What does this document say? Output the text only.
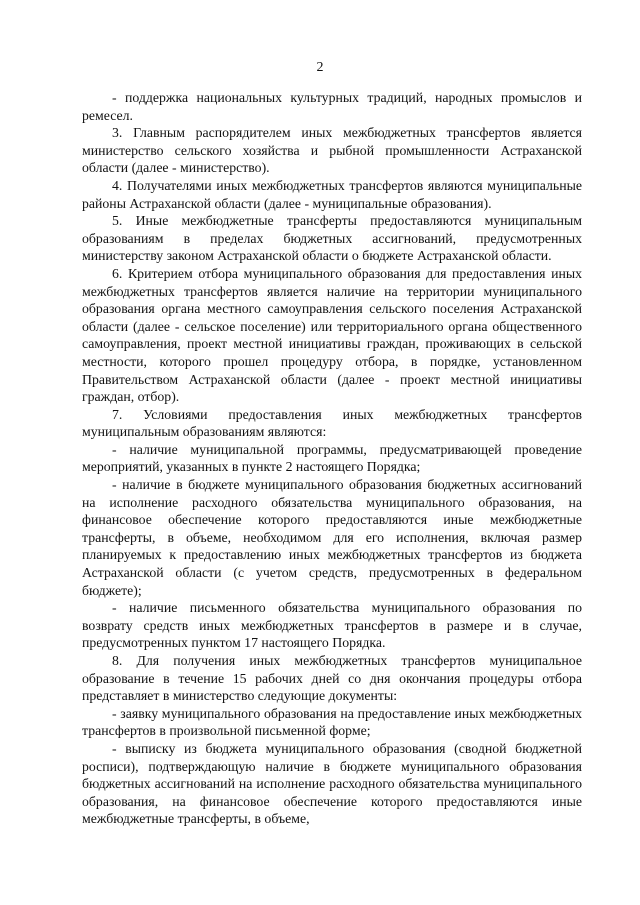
2

- поддержка национальных культурных традиций, народных промыслов и ремесел.

3. Главным распорядителем иных межбюджетных трансфертов является министерство сельского хозяйства и рыбной промышленности Астраханской области (далее - министерство).

4. Получателями иных межбюджетных трансфертов являются муниципальные районы Астраханской области (далее - муниципальные образования).

5. Иные межбюджетные трансферты предоставляются муниципальным образованиям в пределах бюджетных ассигнований, предусмотренных министерству законом Астраханской области о бюджете Астраханской области.

6. Критерием отбора муниципального образования для предоставления иных межбюджетных трансфертов является наличие на территории муниципального образования органа местного самоуправления сельского поселения Астраханской области (далее - сельское поселение) или территориального органа общественного самоуправления, проект местной инициативы граждан, проживающих в сельской местности, которого прошел процедуру отбора, в порядке, установленном Правительством Астраханской области (далее - проект местной инициативы граждан, отбор).

7. Условиями предоставления иных межбюджетных трансфертов муниципальным образованиям являются:

- наличие муниципальной программы, предусматривающей проведение мероприятий, указанных в пункте 2 настоящего Порядка;

- наличие в бюджете муниципального образования бюджетных ассигнований на исполнение расходного обязательства муниципального образования, на финансовое обеспечение которого предоставляются иные межбюджетные трансферты, в объеме, необходимом для его исполнения, включая размер планируемых к предоставлению иных межбюджетных трансфертов из бюджета Астраханской области (с учетом средств, предусмотренных в федеральном бюджете);

- наличие письменного обязательства муниципального образования по возврату средств иных межбюджетных трансфертов в размере и в случае, предусмотренных пунктом 17 настоящего Порядка.

8. Для получения иных межбюджетных трансфертов муниципальное образование в течение 15 рабочих дней со дня окончания процедуры отбора представляет в министерство следующие документы:

- заявку муниципального образования на предоставление иных межбюджетных трансфертов в произвольной письменной форме;

- выписку из бюджета муниципального образования (сводной бюджетной росписи), подтверждающую наличие в бюджете муниципального образования бюджетных ассигнований на исполнение расходного обязательства муниципального образования, на финансовое обеспечение которого предоставляются иные межбюджетные трансферты, в объеме,
